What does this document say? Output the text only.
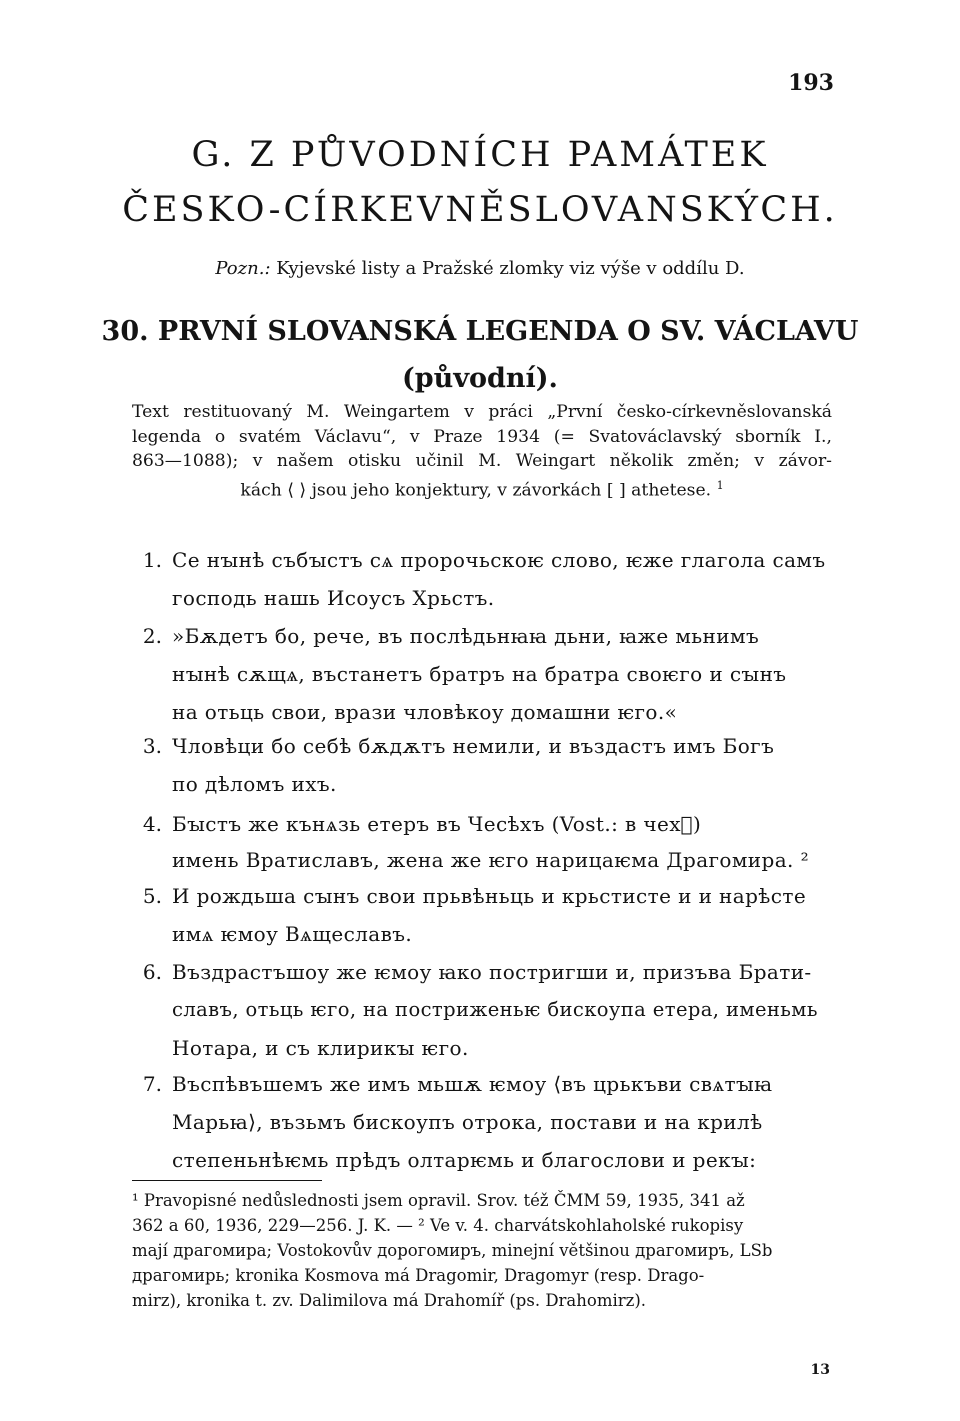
193
G. Z PŮVODNÍCH PAMÁTEK
ČESKO-CÍRKEVNĚSLOVANSKÝCH.
Pozn.: Kyjevské listy a Pražské zlomky viz výše v oddílu D.
30. PRVNÍ SLOVANSKÁ LEGENDA O SV. VÁCLAVU
(původní).
Text restituovaný M. Weingartem v práci „První česko-církevněslovanská
legenda o svatém Václavu“, v Praze 1934 (= Svatováclavský sborník I.,
863—1088); v našem otisku učinil M. Weingart několik změn; v závor-
kách ⟨ ⟩ jsou jeho konjektury, v závorkách [ ] athetese. $^1$
1. Се нꙑнѣ събꙑстъ сѧ пророчьскоѥ слово, ѥже глагола самъ
господь нашь Исоусъ Хрьстъ.
2. »Бѫдетъ бо, рече, въ послѣдьнꙗꙗ дьни, ꙗже мьнимъ
нꙑнѣ сѫщѧ, въстанетъ братръ на братра своѥго и сꙑнъ
на отьць свои, врази чловѣкоу домашни ѥго.«
3. Чловѣци бо себѣ бѫдѫтъ немили, и въздастъ имъ Богъ
по дѣломъ ихъ.
4. Бꙑстъ же кънѧзь етеръ въ Чесѣхъ (Vost.: в чехⷯ)
имень Вратиславъ, жена же ѥго нарицаѥма Драгомира. ²
5. И рождьша сꙑнъ свои прьвѣньць и крьстисте и и нарѣсте
имѧ ѥмоу Вѧщеславъ.
6. Въздрастъшоу же ѥмоу ꙗко постригши и, призъва Брати-
славъ, отьць ѥго, на постриженьѥ бискоупа етера, именьмь
Нотара, и съ клирикꙑ ѥго.
7. Въспѣвъшемъ же имъ мьшѫ ѥмоу ⟨въ црькъви свѧтꙑꙗ
Марьꙗ⟩, възьмъ бискоупъ отрока, постави и на крилѣ
степеньнѣѥмь прѣдъ олтарѥмь и благослови и рекꙑ:
¹ Pravopisné nedůslednosti jsem opravil. Srov. též ČMM 59, 1935, 341 až
362 a 60, 1936, 229—256. J. K. — ² Ve v. 4. charvátskohlaholské rukopisy
mají драгомира; Vostokovův дорогомиръ, minejní většinou драгомиръ, LSb
драгомирь; kronika Kosmova má Dragomir, Dragomyr (resp. Drago-
mirz), kronika t. zv. Dalimilova má Drahomíř (ps. Drahomirz).
13
